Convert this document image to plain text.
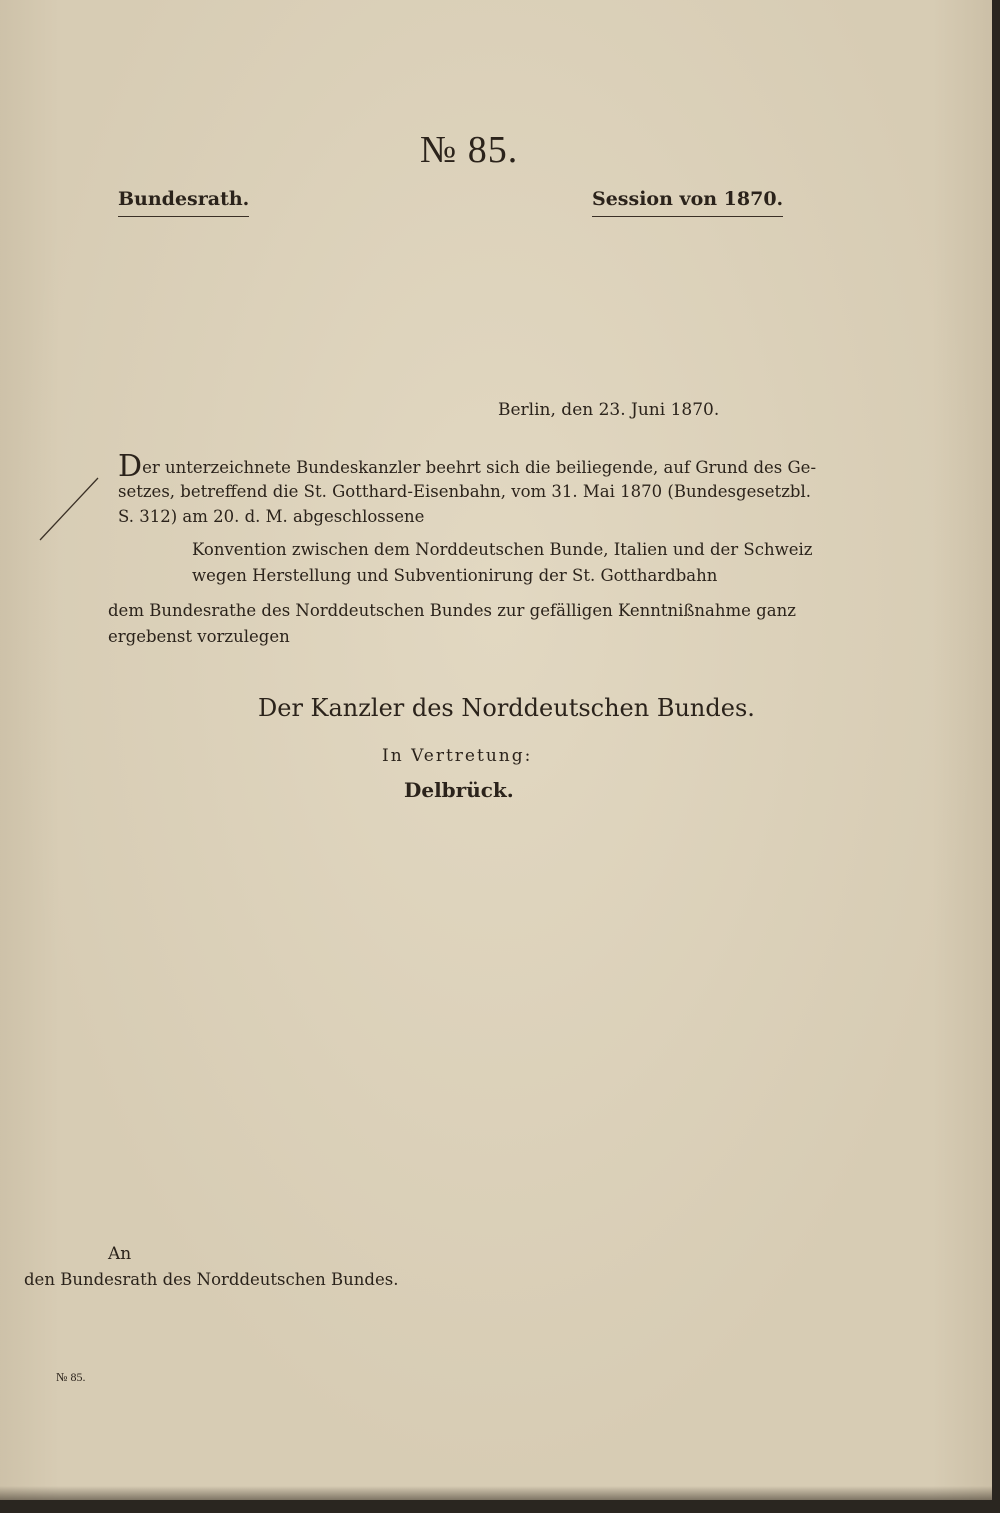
№ 85.
Bundesrath.	Session von 1870.
Berlin, den 23. Juni 1870.
Der unterzeichnete Bundeskanzler beehrt sich die beiliegende, auf Grund des Ge-
setzes, betreffend die St. Gotthard-Eisenbahn, vom 31. Mai 1870 (Bundesgesetzbl.
S. 312) am 20. d. M. abgeschlossene
Konvention zwischen dem Norddeutschen Bunde, Italien und der Schweiz
wegen Herstellung und Subventionirung der St. Gotthardbahn
dem Bundesrathe des Norddeutschen Bundes zur gefälligen Kenntnißnahme ganz
ergebenst vorzulegen
Der Kanzler des Norddeutschen Bundes.
In Vertretung:
Delbrück.
An
den Bundesrath des Norddeutschen Bundes.
№ 85.
